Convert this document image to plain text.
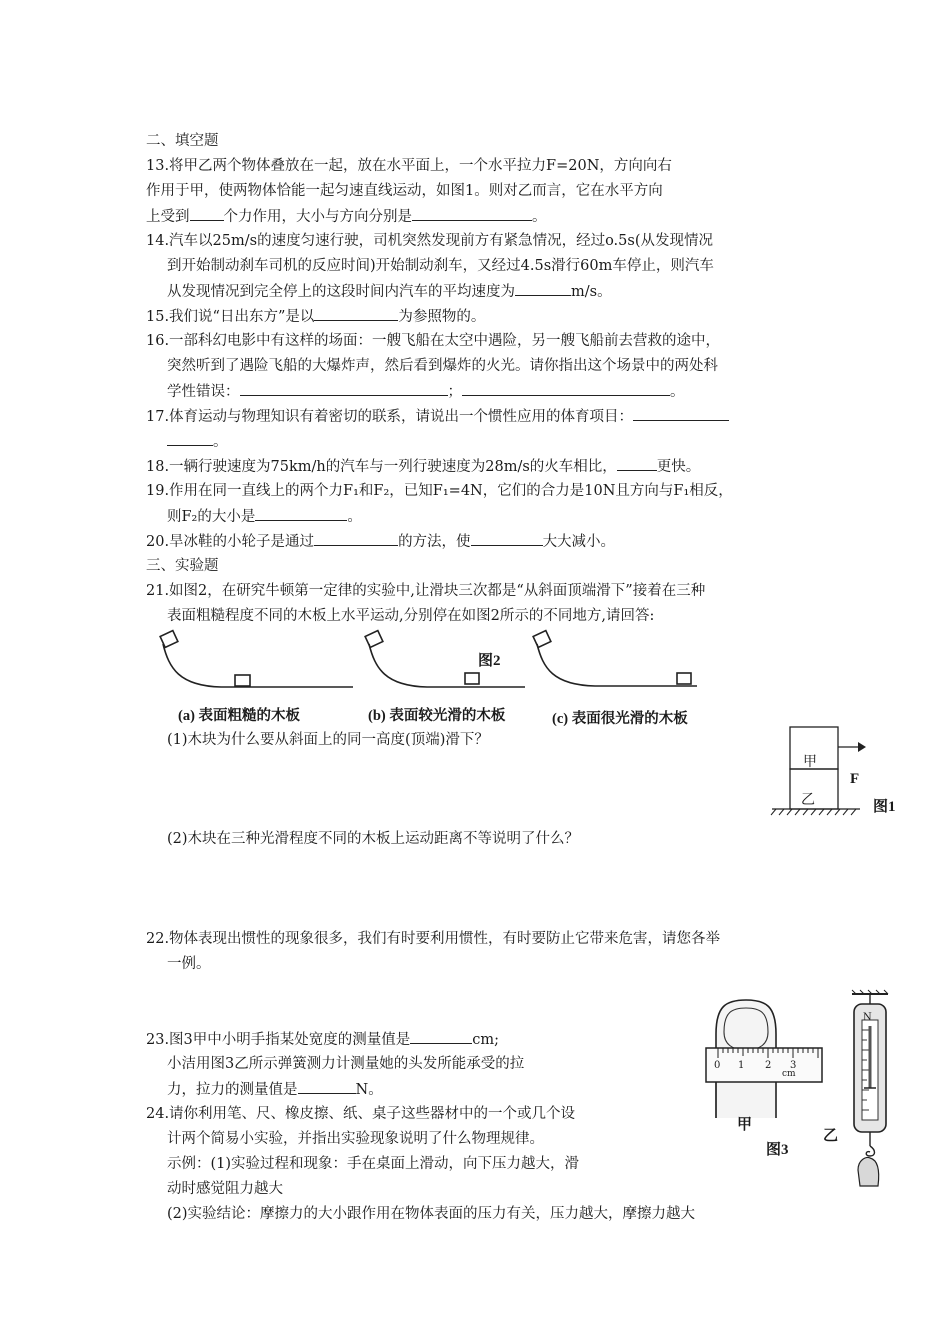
二、填空题
13.将甲乙两个物体叠放在一起，放在水平面上，一个水平拉力F=20N，方向向右
作用于甲，使两物体恰能一起匀速直线运动，如图1。则对乙而言，它在水平方向
上受到 个力作用，大小与方向分别是	。
14.汽车以25m/s的速度匀速行驶，司机突然发现前方有紧急情况，经过o.5s(从发现情况
到开始制动刹车司机的反应时间)开始制动刹车，又经过4.5s滑行60m车停止，则汽车
从发现情况到完全停上的这段时间内汽车的平均速度为	m/s。
15.我们说“日出东方”是以	为参照物的。
16.一部科幻电影中有这样的场面：一艘飞船在太空中遇险，另一艘飞船前去营救的途中，
突然听到了遇险飞船的大爆炸声，然后看到爆炸的火光。请你指出这个场景中的两处科
学性错误：	；	。
17.体育运动与物理知识有着密切的联系，请说出一个惯性应用的体育项目：
。
18.一辆行驶速度为75km/h的汽车与一列行驶速度为28m/s的火车相比，	更快。
19.作用在同一直线上的两个力F₁和F₂，已知F₁=4N，它们的合力是10N且方向与F₁相反，
则F₂的大小是	。
20.旱冰鞋的小轮子是通过	的方法，使	大大减小。
三、实验题
21.如图2，在研究牛顿第一定律的实验中,让滑块三次都是“从斜面顶端滑下”接着在三种
表面粗糙程度不同的木板上水平运动,分别停在如图2所示的不同地方,请回答:
图2
(a) 表面粗糙的木板	(b) 表面较光滑的木板	(c) 表面很光滑的木板
(1)木块为什么要从斜面上的同一高度(顶端)滑下？
甲
乙
F
图1
(2)木块在三种光滑程度不同的木板上运动距离不等说明了什么？
22.物体表现出惯性的现象很多，我们有时要利用惯性，有时要防止它带来危害，请您各举
一例。
23.图3甲中小明手指某处宽度的测量值是	cm;
小洁用图3乙所示弹簧测力计测量她的头发所能承受的拉
力，拉力的测量值是	N。
24.请你利用笔、尺、橡皮擦、纸、桌子这些器材中的一个或几个设
计两个简易小实验，并指出实验现象说明了什么物理规律。
示例：(1)实验过程和现象：手在桌面上滑动，向下压力越大，滑
动时感觉阻力越大
(2)实验结论：摩擦力的大小跟作用在物体表面的压力有关，压力越大，摩擦力越大
0 1 2 3
cm
N
甲
图3
乙
